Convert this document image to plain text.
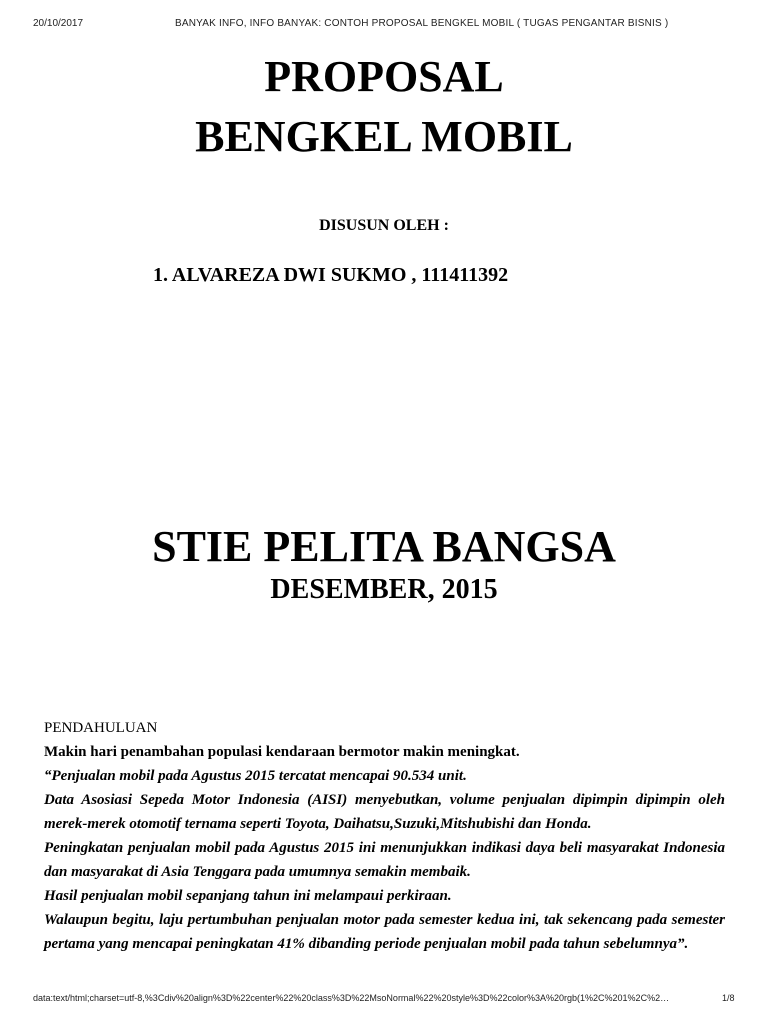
20/10/2017	BANYAK INFO, INFO BANYAK: CONTOH PROPOSAL BENGKEL MOBIL ( TUGAS PENGANTAR BISNIS )
PROPOSAL
BENGKEL MOBIL
DISUSUN OLEH :
1. ALVAREZA DWI SUKMO , 111411392
STIE PELITA BANGSA
DESEMBER, 2015
PENDAHULUAN

Makin hari penambahan populasi kendaraan bermotor makin meningkat.

“Penjualan mobil pada Agustus 2015 tercatat mencapai 90.534 unit.

Data Asosiasi Sepeda Motor Indonesia (AISI) menyebutkan, volume penjualan dipimpin dipimpin oleh merek-merek otomotif ternama seperti Toyota, Daihatsu,Suzuki,Mitshubishi dan Honda.

Peningkatan penjualan mobil pada Agustus 2015 ini menunjukkan indikasi daya beli masyarakat Indonesia dan masyarakat di Asia Tenggara pada umumnya semakin membaik.

Hasil penjualan mobil sepanjang tahun ini melampaui perkiraan.

Walaupun begitu, laju pertumbuhan penjualan motor pada semester kedua ini, tak sekencang pada semester pertama yang mencapai peningkatan 41% dibanding periode penjualan mobil pada tahun sebelumnya”.

data:text/html;charset=utf-8,%3Cdiv%20align%3D%22center%22%20class%3D%22MsoNormal%22%20style%3D%22color%3A%20rgb(1%2C%201%2C%2…	1/8
